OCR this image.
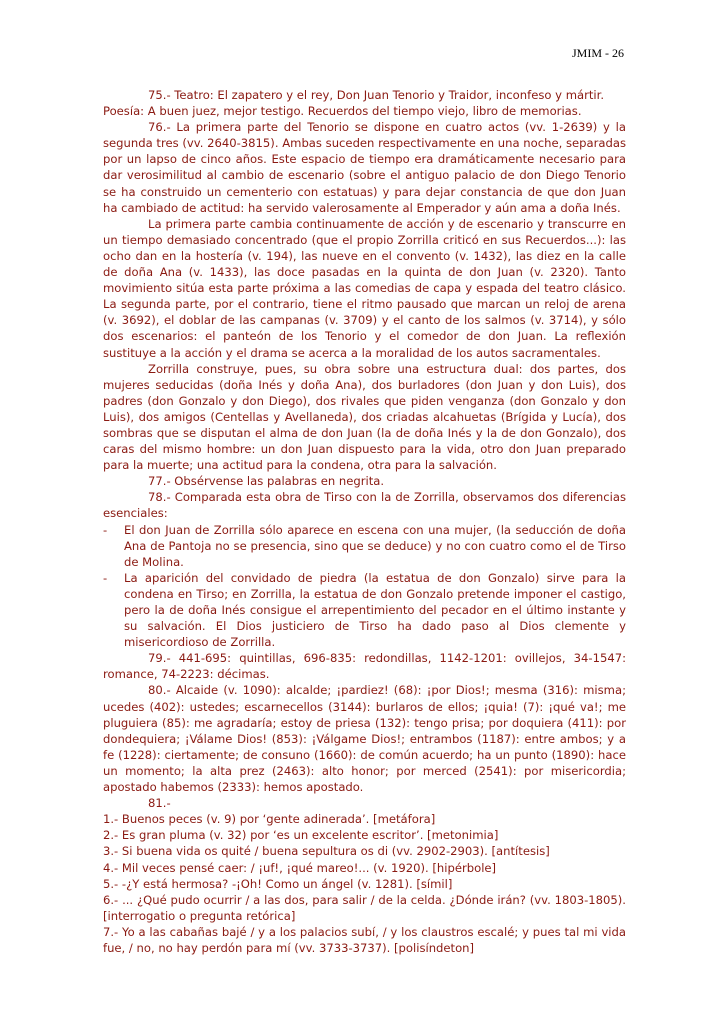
JMIM - 26

75.- Teatro: El zapatero y el rey, Don Juan Tenorio y Traidor, inconfeso y mártir.

Poesía: A buen juez, mejor testigo. Recuerdos del tiempo viejo, libro de memorias.

76.- La primera parte del Tenorio se dispone en cuatro actos (vv. 1-2639) y la segunda tres (vv. 2640-3815). Ambas suceden respectivamente en una noche, separadas por un lapso de cinco años. Este espacio de tiempo era dramáticamente necesario para dar verosimilitud al cambio de escenario (sobre el antiguo palacio de don Diego Tenorio se ha construido un cementerio con estatuas) y para dejar constancia de que don Juan ha cambiado de actitud: ha servido valerosamente al Emperador y aún ama a doña Inés.

La primera parte cambia continuamente de acción y de escenario y transcurre en un tiempo demasiado concentrado (que el propio Zorrilla criticó en sus Recuerdos...): las ocho dan en la hostería (v. 194), las nueve en el convento (v. 1432), las diez en la calle de doña Ana (v. 1433), las doce pasadas en la quinta de don Juan (v. 2320). Tanto movimiento sitúa esta parte próxima a las comedias de capa y espada del teatro clásico. La segunda parte, por el contrario, tiene el ritmo pausado que marcan un reloj de arena (v. 3692), el doblar de las campanas (v. 3709) y el canto de los salmos (v. 3714), y sólo dos escenarios: el panteón de los Tenorio y el comedor de don Juan. La reflexión sustituye a la acción y el drama se acerca a la moralidad de los autos sacramentales.

Zorrilla construye, pues, su obra sobre una estructura dual: dos partes, dos mujeres seducidas (doña Inés y doña Ana), dos burladores (don Juan y don Luis), dos padres (don Gonzalo y don Diego), dos rivales que piden venganza (don Gonzalo y don Luis), dos amigos (Centellas y Avellaneda), dos criadas alcahuetas (Brígida y Lucía), dos sombras que se disputan el alma de don Juan (la de doña Inés y la de don Gonzalo), dos caras del mismo hombre: un don Juan dispuesto para la vida, otro don Juan preparado para la muerte; una actitud para la condena, otra para la salvación.

77.- Obsérvense las palabras en negrita.

78.- Comparada esta obra de Tirso con la de Zorrilla, observamos dos diferencias esenciales:

- El don Juan de Zorrilla sólo aparece en escena con una mujer, (la seducción de doña Ana de Pantoja no se presencia, sino que se deduce) y no con cuatro como el de Tirso de Molina.
- La aparición del convidado de piedra (la estatua de don Gonzalo) sirve para la condena en Tirso; en Zorrilla, la estatua de don Gonzalo pretende imponer el castigo, pero la de doña Inés consigue el arrepentimiento del pecador en el último instante y su salvación. El Dios justiciero de Tirso ha dado paso al Dios clemente y misericordioso de Zorrilla.

79.- 441-695: quintillas, 696-835: redondillas, 1142-1201: ovillejos, 34-1547: romance, 74-2223: décimas.

80.- Alcaide (v. 1090): alcalde; ¡pardiez! (68): ¡por Dios!; mesma (316): misma; ucedes (402): ustedes; escarnecellos (3144): burlaros de ellos; ¡quia! (7): ¡qué va!; me pluguiera (85): me agradaría; estoy de priesa (132): tengo prisa; por doquiera (411): por dondequiera; ¡Válame Dios! (853): ¡Válgame Dios!; entrambos (1187): entre ambos; y a fe (1228): ciertamente; de consuno (1660): de común acuerdo; ha un punto (1890): hace un momento; la alta prez (2463): alto honor; por merced (2541): por misericordia; apostado habemos (2333): hemos apostado.

81.-

1.- Buenos peces (v. 9) por ‘gente adinerada’. [metáfora]

2.- Es gran pluma (v. 32) por ‘es un excelente escritor’. [metonimia]

3.- Si buena vida os quité / buena sepultura os di (vv. 2902-2903). [antítesis]

4.- Mil veces pensé caer: / ¡uf!, ¡qué mareo!... (v. 1920). [hipérbole]

5.- -¿Y está hermosa? -¡Oh! Como un ángel (v. 1281). [símil]

6.- ... ¿Qué pudo ocurrir / a las dos, para salir / de la celda. ¿Dónde irán? (vv. 1803-1805). [interrogatio o pregunta retórica]

7.- Yo a las cabañas bajé / y a los palacios subí, / y los claustros escalé; y pues tal mi vida fue, / no, no hay perdón para mí (vv. 3733-3737). [polisíndeton]
